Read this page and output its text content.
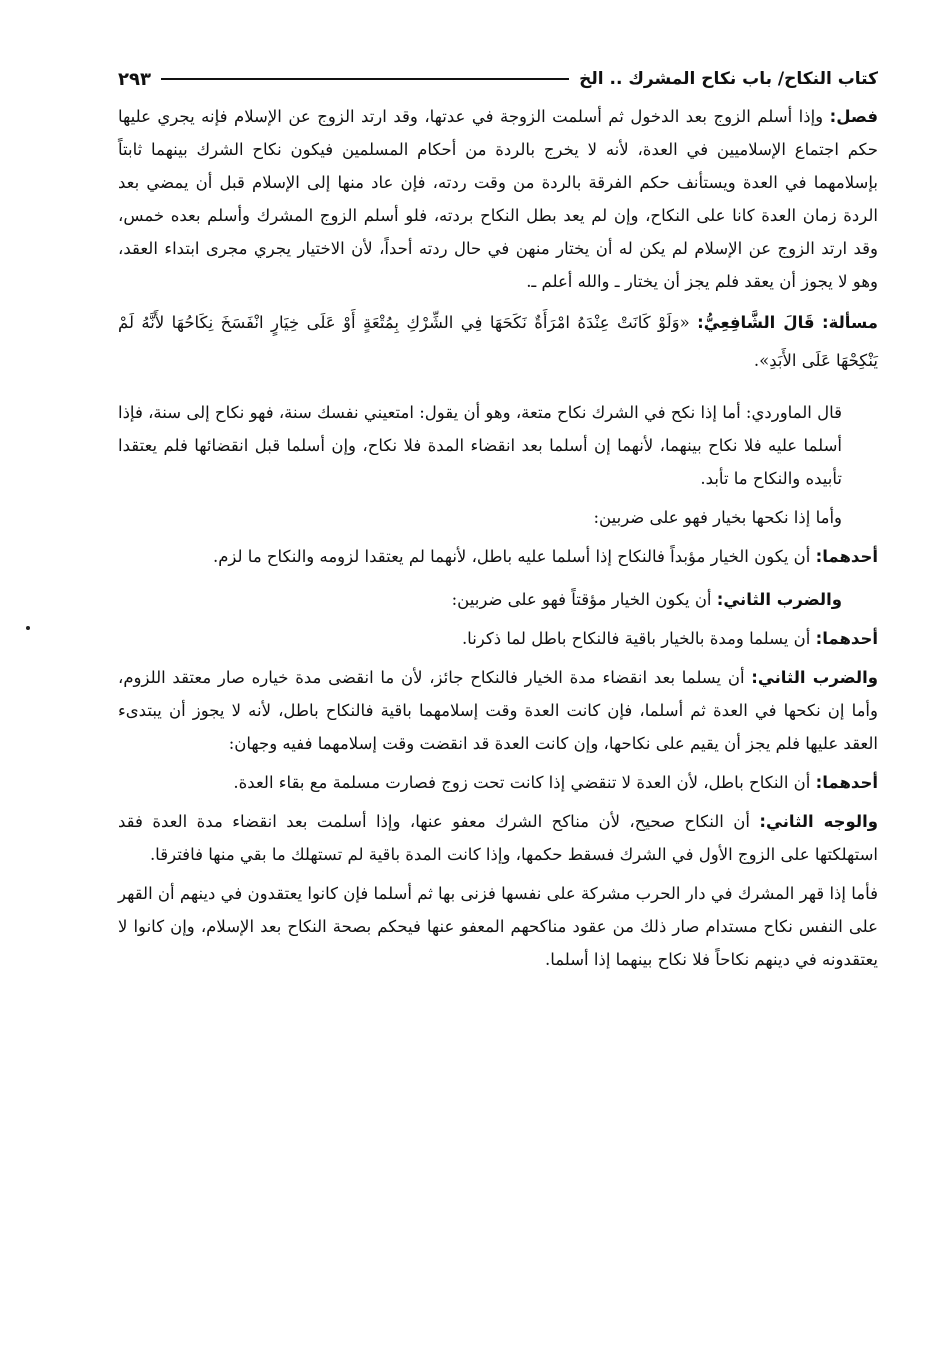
كتاب النكاح/ باب نكاح المشرك .. الخ
٢٩٣

فصل: وإذا أسلم الزوج بعد الدخول ثم أسلمت الزوجة في عدتها، وقد ارتد الزوج عن الإسلام فإنه يجري عليها حكم اجتماع الإسلاميين في العدة، لأنه لا يخرج بالردة من أحكام المسلمين فيكون نكاح الشرك بينهما ثابتاً بإسلامهما في العدة ويستأنف حكم الفرقة بالردة من وقت ردته، فإن عاد منها إلى الإسلام قبل أن يمضي بعد الردة زمان العدة كانا على النكاح، وإن لم يعد بطل النكاح بردته، فلو أسلم الزوج المشرك وأسلم بعده خمس، وقد ارتد الزوج عن الإسلام لم يكن له أن يختار منهن في حال ردته أحداً، لأن الاختيار يجري مجرى ابتداء العقد، وهو لا يجوز أن يعقد فلم يجز أن يختار ـ والله أعلم ـ.

مسألة: قَالَ الشَّافِعِيُّ: «وَلَوْ كَانَتْ عِنْدَهُ امْرَأَةٌ نَكَحَهَا فِي الشِّرْكِ بِمُتْعَةٍ أَوْ عَلَى خِيَارٍ انْفَسَخَ نِكَاحُهَا لأَنَّهُ لَمْ يَنْكِحْهَا عَلَى الأَبَدِ».

قال الماوردي: أما إذا نكح في الشرك نكاح متعة، وهو أن يقول: امتعيني نفسك سنة، فهو نكاح إلى سنة، فإذا أسلما عليه فلا نكاح بينهما، لأنهما إن أسلما بعد انقضاء المدة فلا نكاح، وإن أسلما قبل انقضائها فلم يعتقدا تأبيده والنكاح ما تأبد.

وأما إذا نكحها بخيار فهو على ضربين:

أحدهما: أن يكون الخيار مؤبداً فالنكاح إذا أسلما عليه باطل، لأنهما لم يعتقدا لزومه والنكاح ما لزم.

والضرب الثاني: أن يكون الخيار مؤقتاً فهو على ضربين:

أحدهما: أن يسلما ومدة بالخيار باقية فالنكاح باطل لما ذكرنا.

والضرب الثاني: أن يسلما بعد انقضاء مدة الخيار فالنكاح جائز، لأن ما انقضى مدة خياره صار معتقد اللزوم، وأما إن نكحها في العدة ثم أسلما، فإن كانت العدة وقت إسلامهما باقية فالنكاح باطل، لأنه لا يجوز أن يبتدىء العقد عليها فلم يجز أن يقيم على نكاحها، وإن كانت العدة قد انقضت وقت إسلامهما ففيه وجهان:

أحدهما: أن النكاح باطل، لأن العدة لا تنقضي إذا كانت تحت زوج فصارت مسلمة مع بقاء العدة.

والوجه الثاني: أن النكاح صحيح، لأن مناكح الشرك معفو عنها، وإذا أسلمت بعد انقضاء مدة العدة فقد استهلكتها على الزوج الأول في الشرك فسقط حكمها، وإذا كانت المدة باقية لم تستهلك ما بقي منها فافترقا.

فأما إذا قهر المشرك في دار الحرب مشركة على نفسها فزنى بها ثم أسلما فإن كانوا يعتقدون في دينهم أن القهر على النفس نكاح مستدام صار ذلك من عقود مناكحهم المعفو عنها فيحكم بصحة النكاح بعد الإسلام، وإن كانوا لا يعتقدونه في دينهم نكاحاً فلا نكاح بينهما إذا أسلما.
